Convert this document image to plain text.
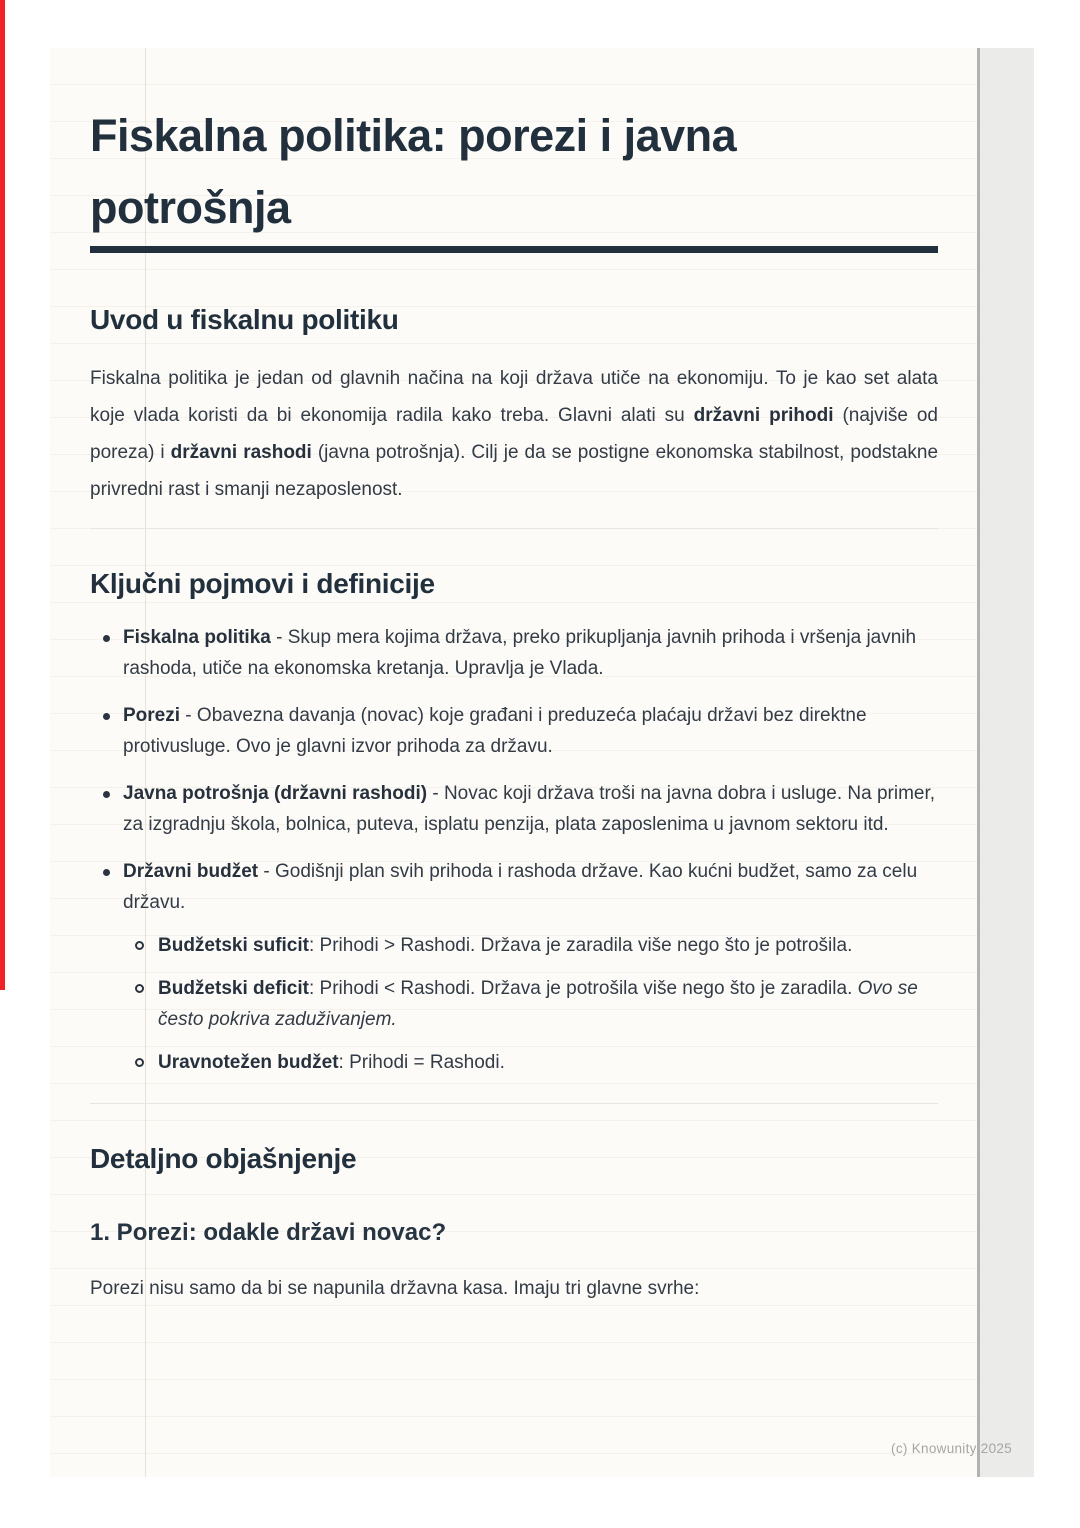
Fiskalna politika: porezi i javna potrošnja
Uvod u fiskalnu politiku

Fiskalna politika je jedan od glavnih načina na koji država utiče na ekonomiju. To je kao set alata koje vlada koristi da bi ekonomija radila kako treba. Glavni alati su državni prihodi (najviše od poreza) i državni rashodi (javna potrošnja). Cilj je da se postigne ekonomska stabilnost, podstakne privredni rast i smanji nezaposlenost.

Ključni pojmovi i definicije
Fiskalna politika - Skup mera kojima država, preko prikupljanja javnih prihoda i vršenja javnih rashoda, utiče na ekonomska kretanja. Upravlja je Vlada.
Porezi - Obavezna davanja (novac) koje građani i preduzeća plaćaju državi bez direktne protivusluge. Ovo je glavni izvor prihoda za državu.
Javna potrošnja (državni rashodi) - Novac koji država troši na javna dobra i usluge. Na primer, za izgradnju škola, bolnica, puteva, isplatu penzija, plata zaposlenima u javnom sektoru itd.
Državni budžet - Godišnji plan svih prihoda i rashoda države. Kao kućni budžet, samo za celu državu.
Budžetski suficit: Prihodi > Rashodi. Država je zaradila više nego što je potrošila.
Budžetski deficit: Prihodi < Rashodi. Država je potrošila više nego što je zaradila. Ovo se često pokriva zaduživanjem.
Uravnotežen budžet: Prihodi = Rashodi.
Detaljno objašnjenje
1. Porezi: odakle državi novac?

Porezi nisu samo da bi se napunila državna kasa. Imaju tri glavne svrhe:

(c) Knowunity 2025
